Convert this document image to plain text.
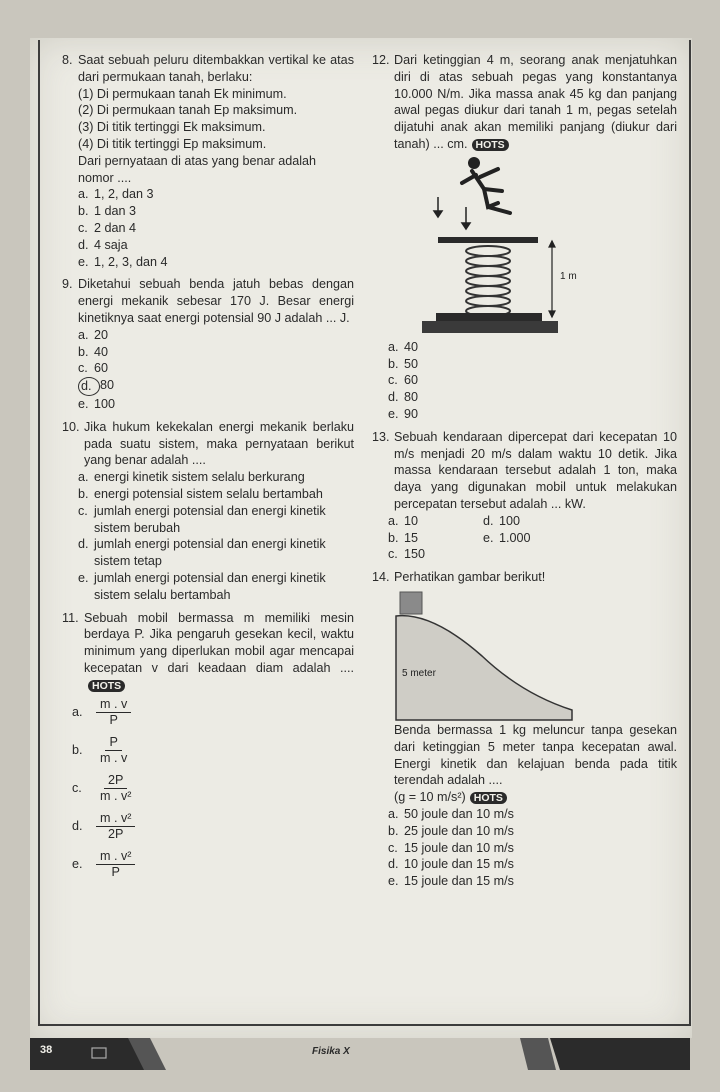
8. Saat sebuah peluru ditembakkan vertikal ke atas dari permukaan tanah, berlaku:
(1) Di permukaan tanah Ek minimum.
(2) Di permukaan tanah Ep maksimum.
(3) Di titik tertinggi Ek maksimum.
(4) Di titik tertinggi Ep maksimum.
Dari pernyataan di atas yang benar adalah nomor ....
a. 1, 2, dan 3
b. 1 dan 3
c. 2 dan 4
d. 4 saja
e. 1, 2, 3, dan 4
9. Diketahui sebuah benda jatuh bebas dengan energi mekanik sebesar 170 J. Besar energi kinetiknya saat energi potensial 90 J adalah ... J.
a. 20
b. 40
c. 60
d. 80
e. 100
10. Jika hukum kekekalan energi mekanik berlaku pada suatu sistem, maka pernyataan berikut yang benar adalah ....
a. energi kinetik sistem selalu berkurang
b. energi potensial sistem selalu bertambah
c. jumlah energi potensial dan energi kinetik sistem berubah
d. jumlah energi potensial dan energi kinetik sistem tetap
e. jumlah energi potensial dan energi kinetik sistem selalu bertambah
11. Sebuah mobil bermassa m memiliki mesin berdaya P. Jika pengaruh gesekan kecil, waktu minimum yang diperlukan mobil agar mencapai kecepatan v dari keadaan diam adalah ....HOTS
a.	$\frac{m . v}{P}$
b.	$\frac{P}{m . v}$
c.	$\frac{2P}{\text{m . v²}}$
d.	$\frac{\text{m . v²}}{2P}$
e.	$\frac{\text{m . v²}}{P}$
12. Dari ketinggian 4 m, seorang anak menjatuhkan diri di atas sebuah pegas yang konstantanya 10.000 N/m. Jika massa anak 45 kg dan panjang awal pegas diukur dari tanah 1 m, pegas setelah dijatuhi anak akan memiliki panjang (diukur dari tanah) ... cm. HOTS
1 m
a. 40
b. 50
c. 60
d. 80
e. 90
13. Sebuah kendaraan dipercepat dari kecepatan 10 m/s menjadi 20 m/s dalam waktu 10 detik. Jika massa kendaraan tersebut adalah 1 ton, maka daya yang digunakan mobil untuk melakukan percepatan tersebut adalah ... kW.
a. 10	d. 100
b. 15	e. 1.000
c. 150
14. Perhatikan gambar berikut!
5 meter
Benda bermassa 1 kg meluncur tanpa gesekan dari ketinggian 5 meter tanpa kecepatan awal. Energi kinetik dan kelajuan benda pada titik terendah adalah ....
(g = 10 m/s²) HOTS
a. 50 joule dan 10 m/s
b. 25 joule dan 10 m/s
c. 15 joule dan 10 m/s
d. 10 joule dan 15 m/s
e. 15 joule dan 15 m/s
38	Fisika X
